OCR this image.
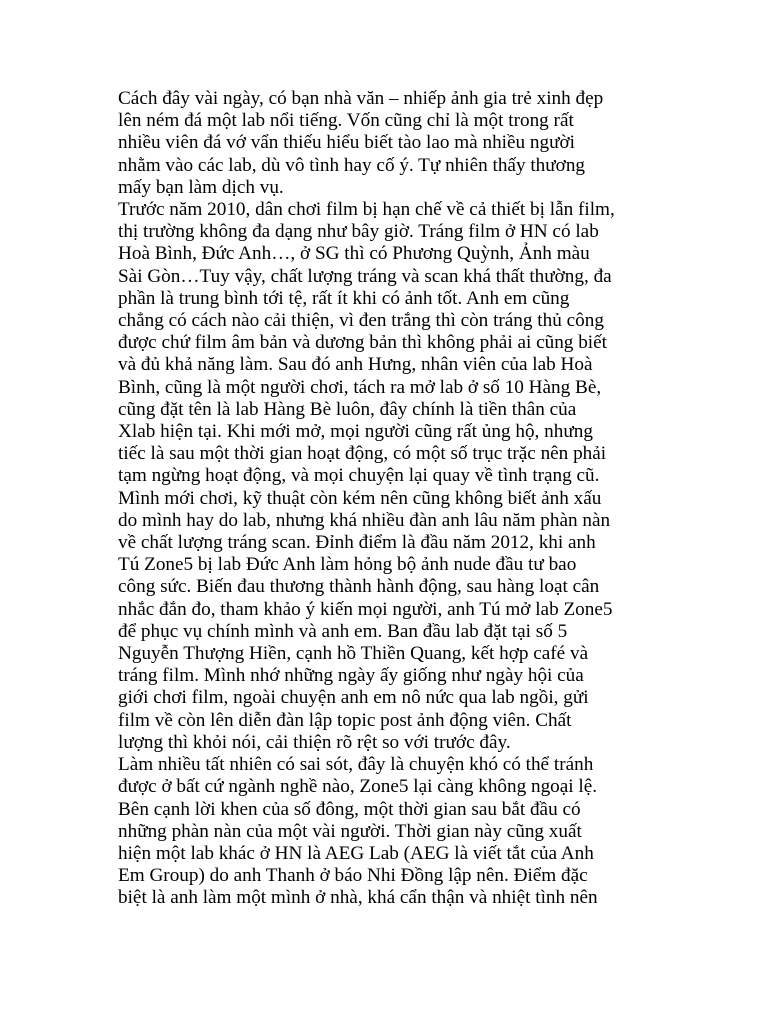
Cách đây vài ngày, có bạn nhà văn – nhiếp ảnh gia trẻ xinh đẹp
lên ném đá một lab nổi tiếng. Vốn cũng chỉ là một trong rất
nhiều viên đá vớ vẩn thiếu hiểu biết tào lao mà nhiều người
nhằm vào các lab, dù vô tình hay cố ý. Tự nhiên thấy thương
mấy bạn làm dịch vụ.
Trước năm 2010, dân chơi film bị hạn chế về cả thiết bị lẫn film,
thị trường không đa dạng như bây giờ. Tráng film ở HN có lab
Hoà Bình, Đức Anh…, ở SG thì có Phương Quỳnh, Ảnh màu
Sài Gòn…Tuy vậy, chất lượng tráng và scan khá thất thường, đa
phần là trung bình tới tệ, rất ít khi có ảnh tốt. Anh em cũng
chẳng có cách nào cải thiện, vì đen trắng thì còn tráng thủ công
được chứ film âm bản và dương bản thì không phải ai cũng biết
và đủ khả năng làm. Sau đó anh Hưng, nhân viên của lab Hoà
Bình, cũng là một người chơi, tách ra mở lab ở số 10 Hàng Bè,
cũng đặt tên là lab Hàng Bè luôn, đây chính là tiền thân của
Xlab hiện tại. Khi mới mở, mọi người cũng rất ủng hộ, nhưng
tiếc là sau một thời gian hoạt động, có một số trục trặc nên phải
tạm ngừng hoạt động, và mọi chuyện lại quay về tình trạng cũ.
Mình mới chơi, kỹ thuật còn kém nên cũng không biết ảnh xấu
do mình hay do lab, nhưng khá nhiều đàn anh lâu năm phàn nàn
về chất lượng tráng scan. Đỉnh điểm là đầu năm 2012, khi anh
Tú Zone5 bị lab Đức Anh làm hỏng bộ ảnh nude đầu tư bao
công sức. Biến đau thương thành hành động, sau hàng loạt cân
nhắc đắn đo, tham khảo ý kiến mọi người, anh Tú mở lab Zone5
để phục vụ chính mình và anh em. Ban đầu lab đặt tại số 5
Nguyễn Thượng Hiền, cạnh hồ Thiền Quang, kết hợp café và
tráng film. Mình nhớ những ngày ấy giống như ngày hội của
giới chơi film, ngoài chuyện anh em nô nức qua lab ngồi, gửi
film về còn lên diễn đàn lập topic post ảnh động viên. Chất
lượng thì khỏi nói, cải thiện rõ rệt so với trước đây.
Làm nhiều tất nhiên có sai sót, đây là chuyện khó có thể tránh
được ở bất cứ ngành nghề nào, Zone5 lại càng không ngoại lệ.
Bên cạnh lời khen của số đông, một thời gian sau bắt đầu có
những phàn nàn của một vài người. Thời gian này cũng xuất
hiện một lab khác ở HN là AEG Lab (AEG là viết tắt của Anh
Em Group) do anh Thanh ở báo Nhi Đồng lập nên. Điểm đặc
biệt là anh làm một mình ở nhà, khá cẩn thận và nhiệt tình nên
